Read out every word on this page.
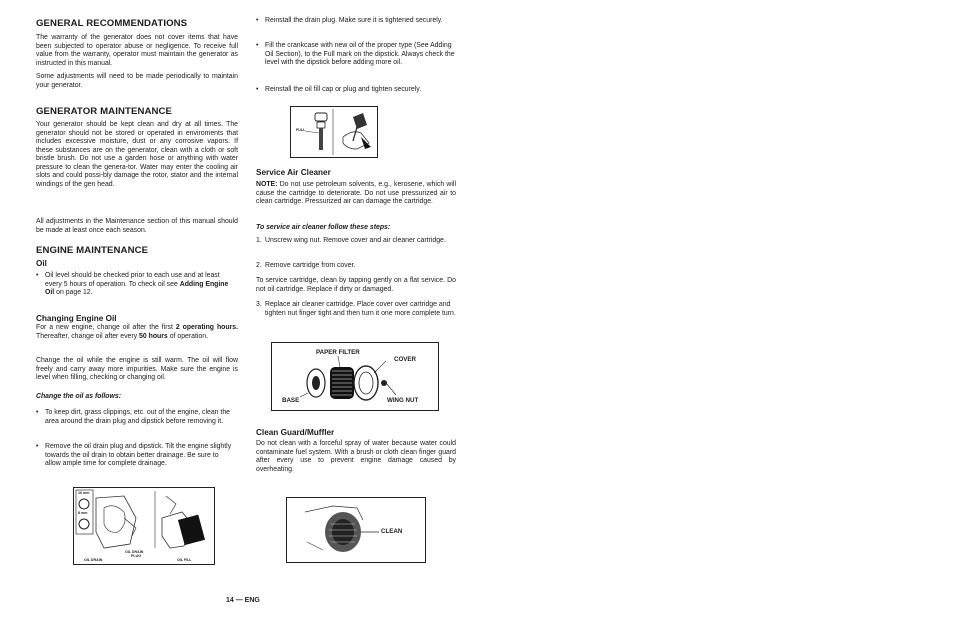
GENERAL RECOMMENDATIONS

The warranty of the generator does not cover items that have been subjected to operator abuse or negligence. To receive full value from the warranty, operator must maintain the generator as instructed in this manual.

Some adjustments will need to be made periodically to maintain your generator.

GENERATOR MAINTENANCE

Your generator should be kept clean and dry at all times. The generator should not be stored or operated in enviroments that includes excessive moisture, dust or any corrosive vapors. If these substances are on the generator, clean with a cloth or soft bristle brush. Do not use a garden hose or anything with water pressure to clean the genera-tor. Water may enter the cooling air slots and could possi-bly damage the rotor, stator and the internal windings of the gen head.

All adjustments in the Maintenance section of this manual should be made at least once each season.

ENGINE MAINTENANCE
Oil
• Oil level should be checked prior to each use and at least every 5 hours of operation. To check oil see Adding Engine Oil on page 12.
Changing Engine Oil

For a new engine, change oil after the first 2 operating hours. Thereafter, change oil after every 50 hours of operation.

Change the oil while the engine is still warm. The oil will flow freely and carry away more impurities. Make sure the engine is level when filling, checking or changing oil.

Change the oil as follows:
• To keep dirt, grass clippings, etc. out of the engine, clean the area around the drain plug and dipstick before removing it.
• Remove the oil drain plug and dipstick. Tilt the engine slightly towards the oil drain to obtain better drainage. Be sure to allow ample time for complete drainage.
10 mm
8 mm
OIL DRAIN
PLUG
OIL DRAIN	OIL FILL
• Reinstall the drain plug. Make sure it is tightened securely.
• Fill the crankcase with new oil of the proper type (See Adding Oil Section), to the Full mark on the dipstick. Always check the level with the dipstick before adding more oil.
• Reinstall the oil fill cap or plug and tighten securely.
FULL
Service Air Cleaner

NOTE: Do not use petroleum solvents, e.g., kerosene, which will cause the cartridge to deteriorate. Do not use pressurized air to clean cartridge. Pressurized air can damage the cartridge.

To service air cleaner follow these steps:
1. Unscrew wing nut. Remove cover and air cleaner cartridge.
2. Remove cartridge from cover.

To service cartridge, clean by tapping gently on a flat service. Do not oil cartridge. Replace if dirty or damaged.

3. Replace air cleaner cartridge. Place cover over cartridge and tighten nut finger tight and then turn it one more complete turn.
PAPER FILTER
COVER
BASE	WING NUT
Clean Guard/Muffler

Do not clean with a forceful spray of water because water could contaminate fuel system. With a brush or cloth clean finger guard after every use to prevent engine damage caused by overheating.

CLEAN
14 — ENG
